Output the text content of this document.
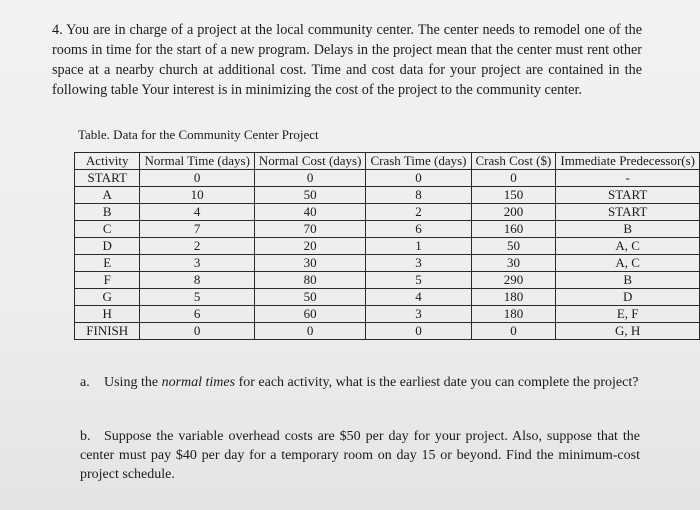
4. You are in charge of a project at the local community center. The center needs to remodel one of the rooms in time for the start of a new program. Delays in the project mean that the center must rent other space at a nearby church at additional cost. Time and cost data for your project are contained in the following table Your interest is in minimizing the cost of the project to the community center.
Table. Data for the Community Center Project
Activity	Normal Time (days)	Normal Cost (days)	Crash Time (days)	Crash Cost ($)	Immediate Predecessor(s)
START	0	0	0	0	-
A	10	50	8	150	START
B	4	40	2	200	START
C	7	70	6	160	B
D	2	20	1	50	A, C
E	3	30	3	30	A, C
F	8	80	5	290	B
G	5	50	4	180	D
H	6	60	3	180	E, F
FINISH	0	0	0	0	G, H
a. Using the normal times for each activity, what is the earliest date you can complete the project?
b. Suppose the variable overhead costs are $50 per day for your project. Also, suppose that the center must pay $40 per day for a temporary room on day 15 or beyond. Find the minimum-cost project schedule.
